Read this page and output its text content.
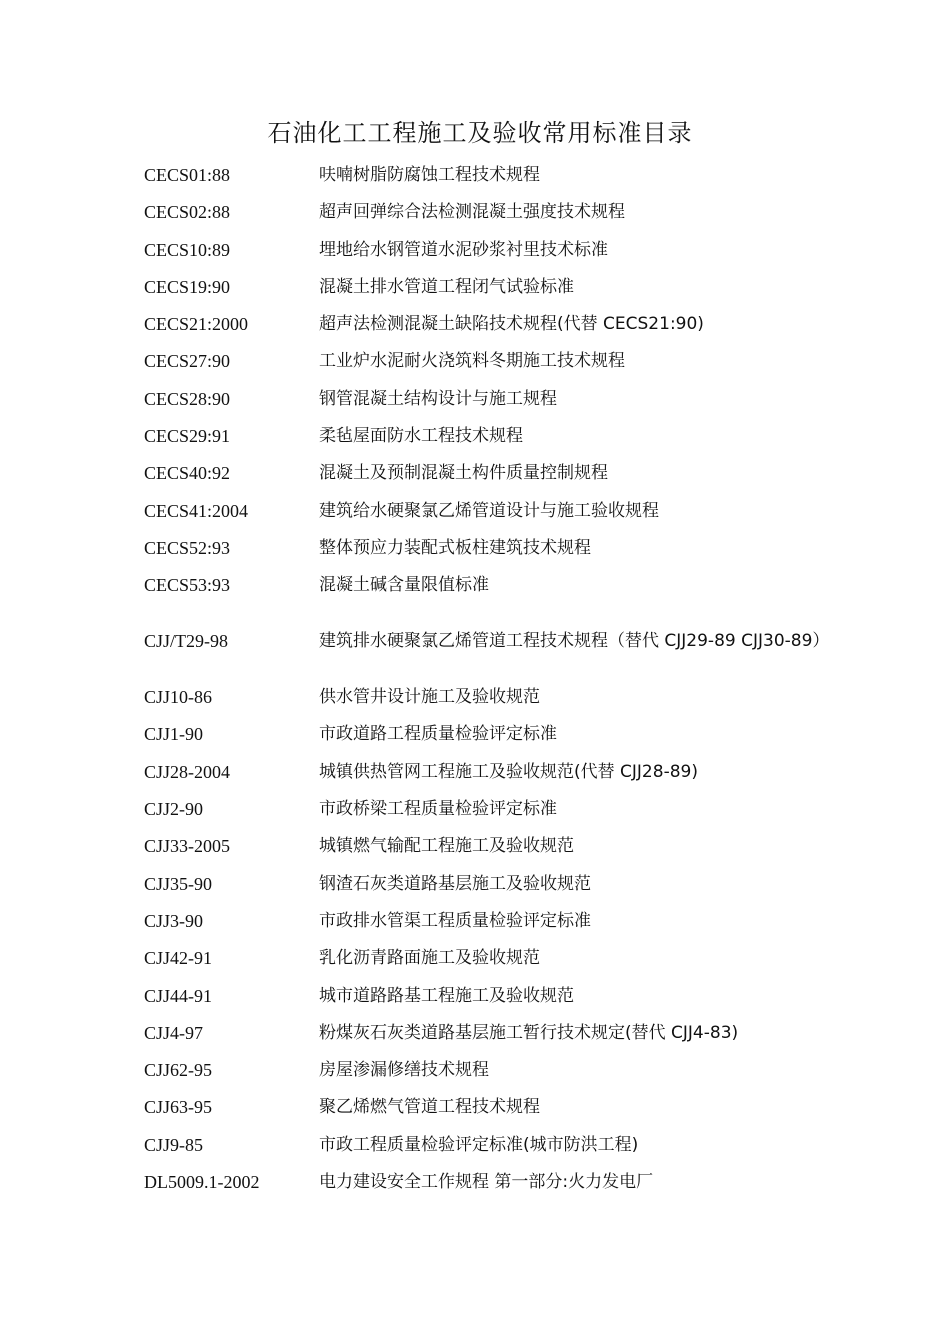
石油化工工程施工及验收常用标准目录
CECS01:88	呋喃树脂防腐蚀工程技术规程
CECS02:88	超声回弹综合法检测混凝土强度技术规程
CECS10:89	埋地给水钢管道水泥砂浆衬里技术标准
CECS19:90	混凝土排水管道工程闭气试验标准
CECS21:2000	超声法检测混凝土缺陷技术规程(代替 CECS21:90)
CECS27:90	工业炉水泥耐火浇筑料冬期施工技术规程
CECS28:90	钢管混凝土结构设计与施工规程
CECS29:91	柔毡屋面防水工程技术规程
CECS40:92	混凝土及预制混凝土构件质量控制规程
CECS41:2004	建筑给水硬聚氯乙烯管道设计与施工验收规程
CECS52:93	整体预应力装配式板柱建筑技术规程
CECS53:93	混凝土碱含量限值标准
CJJ/T29-98	建筑排水硬聚氯乙烯管道工程技术规程（替代 CJJ29-89 CJJ30-89）
CJJ10-86	供水管井设计施工及验收规范
CJJ1-90	市政道路工程质量检验评定标准
CJJ28-2004	城镇供热管网工程施工及验收规范(代替 CJJ28-89)
CJJ2-90	市政桥梁工程质量检验评定标准
CJJ33-2005	城镇燃气输配工程施工及验收规范
CJJ35-90	钢渣石灰类道路基层施工及验收规范
CJJ3-90	市政排水管渠工程质量检验评定标准
CJJ42-91	乳化沥青路面施工及验收规范
CJJ44-91	城市道路路基工程施工及验收规范
CJJ4-97	粉煤灰石灰类道路基层施工暂行技术规定(替代 CJJ4-83)
CJJ62-95	房屋渗漏修缮技术规程
CJJ63-95	聚乙烯燃气管道工程技术规程
CJJ9-85	市政工程质量检验评定标准(城市防洪工程)
DL5009.1-2002	电力建设安全工作规程 第一部分:火力发电厂
